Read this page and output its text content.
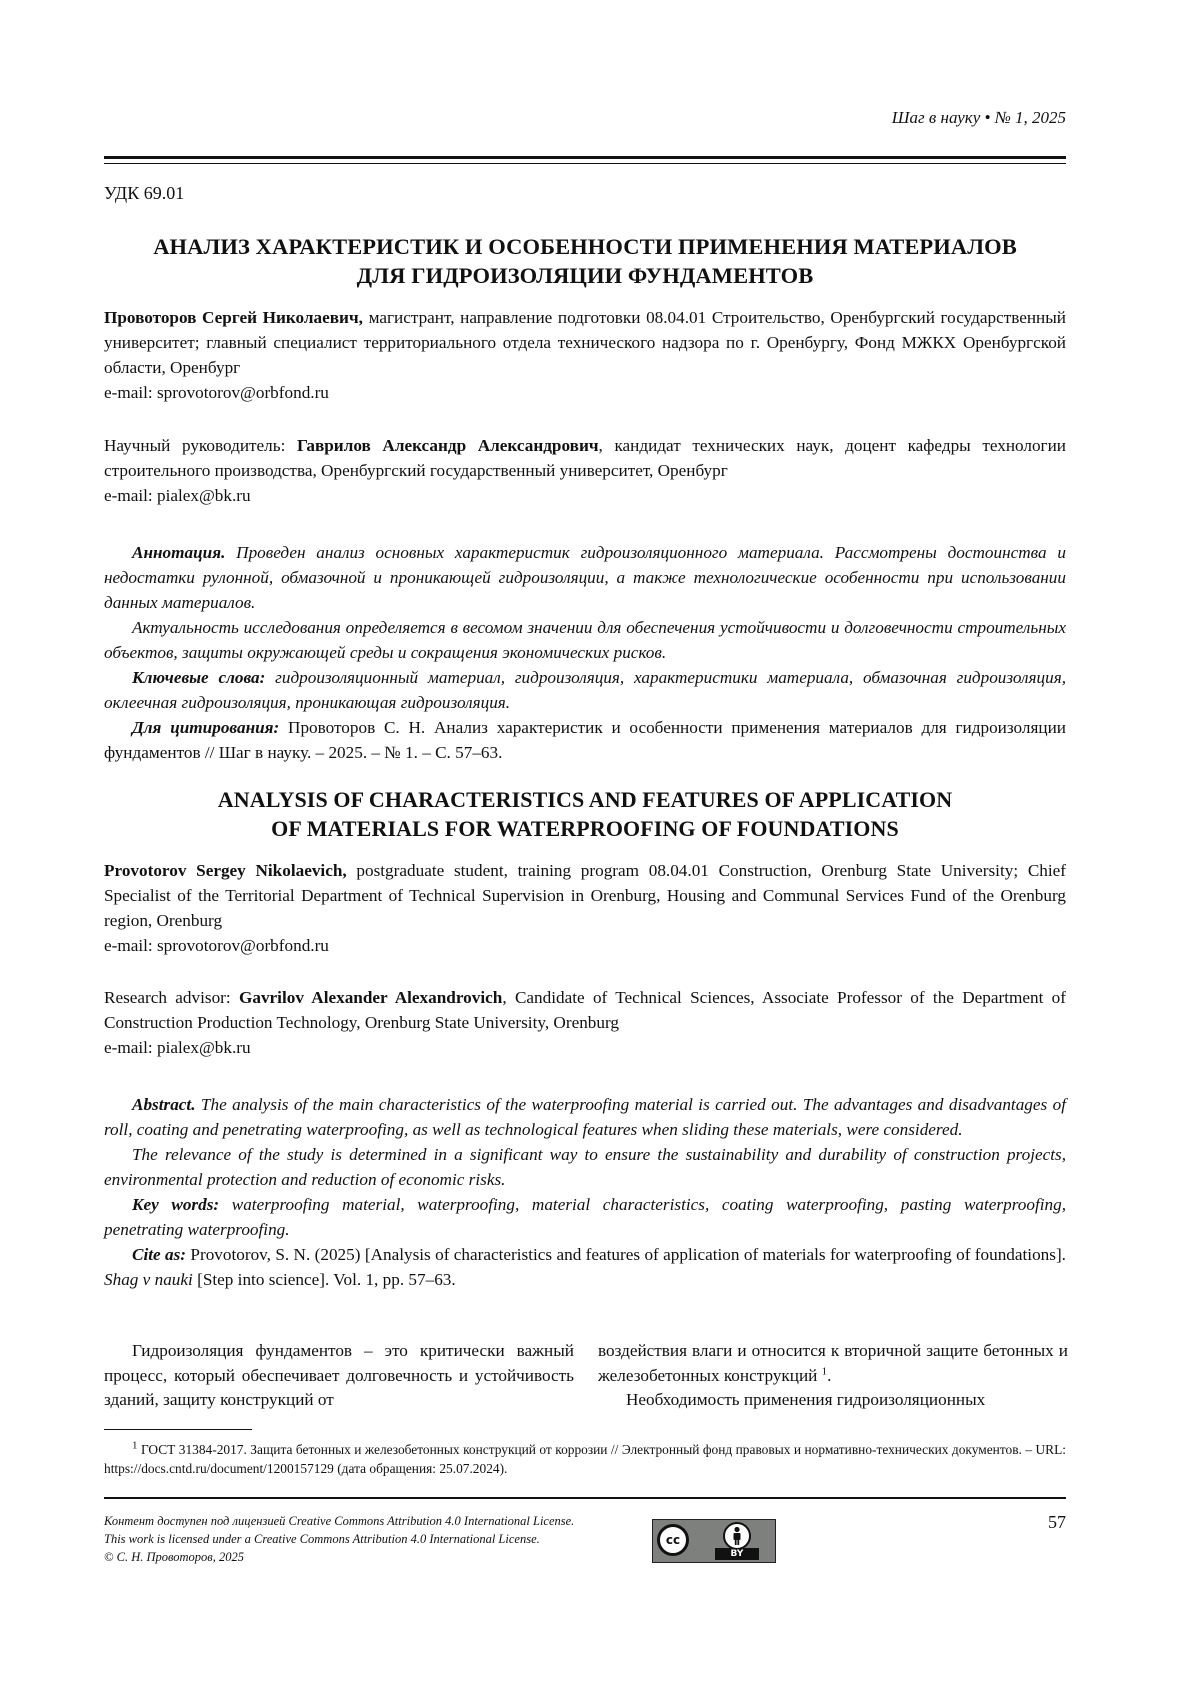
Шаг в науку • № 1, 2025
УДК 69.01
АНАЛИЗ ХАРАКТЕРИСТИК И ОСОБЕННОСТИ ПРИМЕНЕНИЯ МАТЕРИАЛОВ
ДЛЯ ГИДРОИЗОЛЯЦИИ ФУНДАМЕНТОВ

Провоторов Сергей Николаевич, магистрант, направление подготовки 08.04.01 Строительство, Оренбургский государственный университет; главный специалист территориального отдела технического надзора по г. Оренбургу, Фонд МЖКХ Оренбургской области, Оренбург

e-mail: sprovotorov@orbfond.ru

Научный руководитель: Гаврилов Александр Александрович, кандидат технических наук, доцент кафедры технологии строительного производства, Оренбургский государственный университет, Оренбург

e-mail: pialex@bk.ru

Аннотация. Проведен анализ основных характеристик гидроизоляционного материала. Рассмотрены достоинства и недостатки рулонной, обмазочной и проникающей гидроизоляции, а также технологические особенности при использовании данных материалов.

Актуальность исследования определяется в весомом значении для обеспечения устойчивости и долговечности строительных объектов, защиты окружающей среды и сокращения экономических рисков.

Ключевые слова: гидроизоляционный материал, гидроизоляция, характеристики материала, обмазочная гидроизоляция, оклеечная гидроизоляция, проникающая гидроизоляция.

Для цитирования: Провоторов С. Н. Анализ характеристик и особенности применения материалов для гидроизоляции фундаментов // Шаг в науку. – 2025. – № 1. – С. 57–63.

ANALYSIS OF CHARACTERISTICS AND FEATURES OF APPLICATION
OF MATERIALS FOR WATERPROOFING OF FOUNDATIONS

Provotorov Sergey Nikolaevich, postgraduate student, training program 08.04.01 Construction, Orenburg State University; Chief Specialist of the Territorial Department of Technical Supervision in Orenburg, Housing and Communal Services Fund of the Orenburg region, Orenburg

e-mail: sprovotorov@orbfond.ru

Research advisor: Gavrilov Alexander Alexandrovich, Candidate of Technical Sciences, Associate Professor of the Department of Construction Production Technology, Orenburg State University, Orenburg

e-mail: pialex@bk.ru

Abstract. The analysis of the main characteristics of the waterproofing material is carried out. The advantages and disadvantages of roll, coating and penetrating waterproofing, as well as technological features when sliding these materials, were considered.

The relevance of the study is determined in a significant way to ensure the sustainability and durability of construction projects, environmental protection and reduction of economic risks.

Key words: waterproofing material, waterproofing, material characteristics, coating waterproofing, pasting waterproofing, penetrating waterproofing.

Cite as: Provotorov, S. N. (2025) [Analysis of characteristics and features of application of materials for waterproofing of foundations]. Shag v nauki [Step into science]. Vol. 1, pp. 57–63.

Гидроизоляция фундаментов – это критически важный процесс, который обеспечивает долговечность и устойчивость зданий, защиту конструкций от

воздействия влаги и относится к вторичной защите бетонных и железобетонных конструкций 1.

Необходимость применения гидроизоляционных

1 ГОСТ 31384-2017. Защита бетонных и железобетонных конструкций от коррозии // Электронный фонд правовых и нормативно-технических документов. – URL: https://docs.cntd.ru/document/1200157129 (дата обращения: 25.07.2024).

Контент доступен под лицензией Creative Commons Attribution 4.0 International License.
This work is licensed under a Creative Commons Attribution 4.0 International License.
© С. Н. Провоторов, 2025
cc
BY
57
